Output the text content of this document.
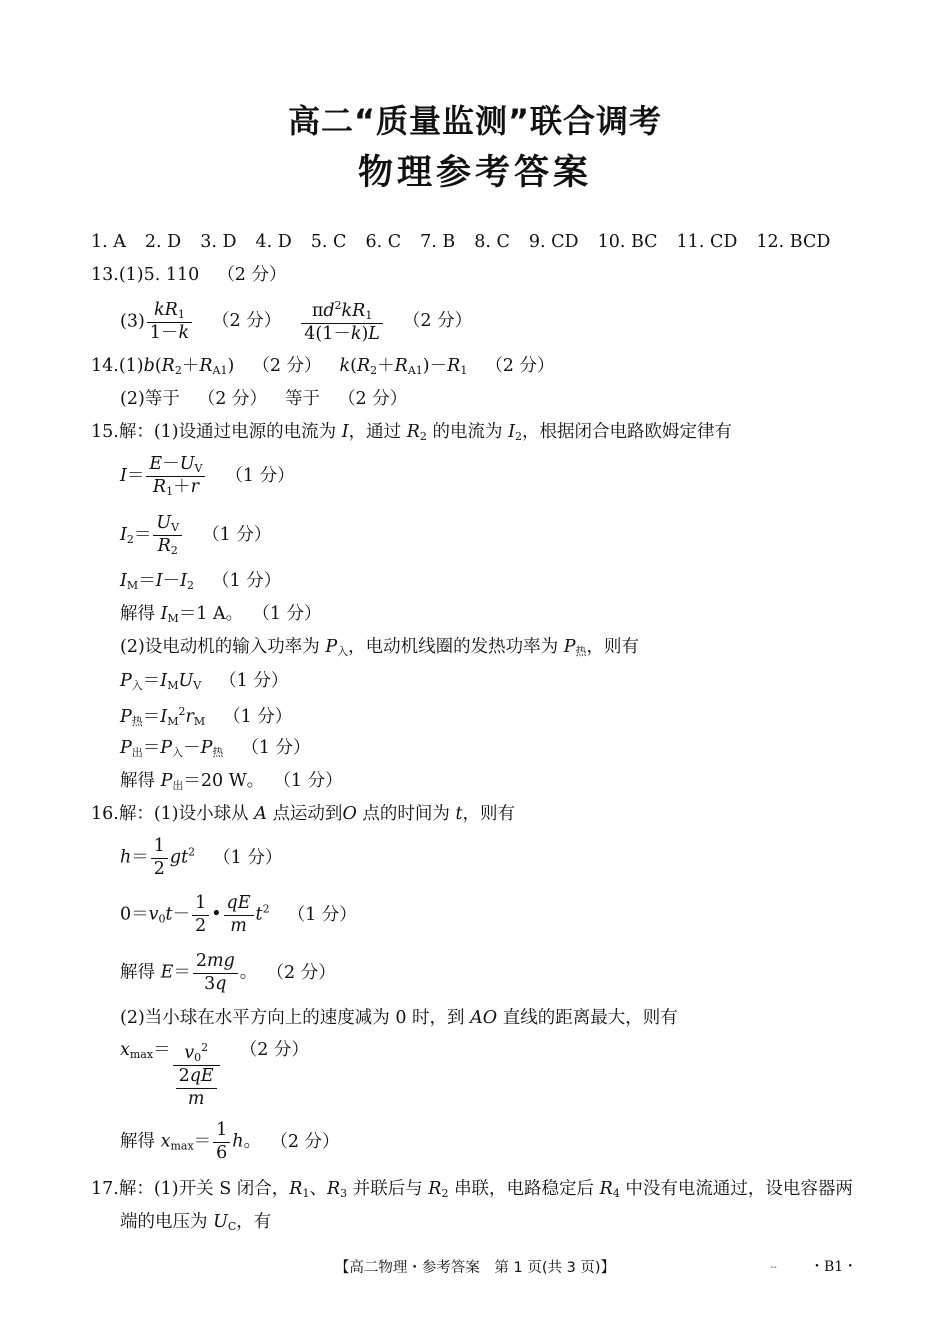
高二“质量监测”联合调考
物理参考答案
1. A 2. D 3. D 4. D 5. C 6. C 7. B 8. C 9. CD 10. BC 11. CD 12. BCD
13.(1)5. 110 （2 分）
$(3) \frac{kR_1}{1-k} (2$ 分） $\frac{\pi d^2kR_1}{4(1-k)L} (2$ 分）
$14.(1)b(R_2+R_{A1})$ （2 分） $k(R_2+R_{A1})-R_1$ （2 分）
(2)等于 （2 分） 等于 （2 分）
15.解：(1)设通过电源的电流为 I，通过 $R_2$ 的电流为 $I_2$，根据闭合电路欧姆定律有
$I= \frac{E-U_V}{R_1+r} (1$ 分）
$I_2= \frac{U_V}{R_2} (1$ 分）
$I_M=I-I_2$ （1 分）
解得 $I_M=1$ A。 （1 分）
(2)设电动机的输入功率为 $P_入$，电动机线圈的发热功率为 $P_热$，则有
$P_入=I_MU_V$ （1 分）
$P_热=I_M^2r_M$ （1 分）
$P_出=P_入-P_热$ （1 分）
解得 $P_出=20$ W。 （1 分）
16.解：(1)设小球从 A 点运动到O 点的时间为 t，则有
$h= \frac{1}{2} gt^2$ （1 分）
$0=v_0t- \frac{1}{2}$ • $\frac{qE}{m} t^2$ （1 分）
解得 $E= \frac{2mg}{3q}$ 。 （2 分）
(2)当小球在水平方向上的速度减为 0 时，到 AO 直线的距离最大，则有
$x_{max}= v_0^2$
$\frac{2qE}{m}$
（2 分）
解得 $x_{max}= \frac{1}{6}$ h。 （2 分）
17.解：(1)开关 S 闭合，$R_1$、$R_3$ 并联后与 $R_2$ 串联，电路稳定后 $R_4$ 中没有电流通过，设电容器两
端的电压为 $U_C$，有
【高二物理・参考答案　第 1 页(共 3 页)】	-- ・B1・
